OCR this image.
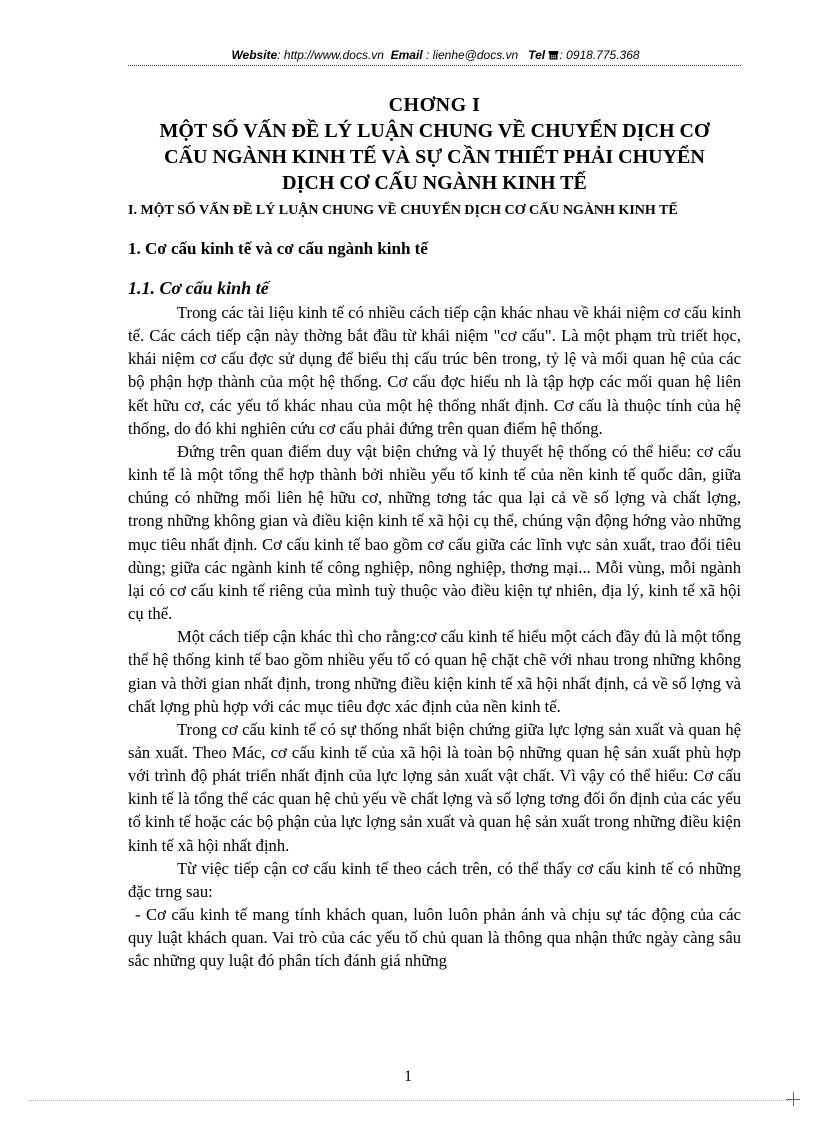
Website: http://www.docs.vn Email : lienhe@docs.vn Tel : 0918.775.368

CHƠNG I

MỘT SỐ VẤN ĐỀ LÝ LUẬN CHUNG VỀ CHUYỂN DỊCH CƠ

CẤU NGÀNH KINH TẾ VÀ SỰ CẦN THIẾT PHẢI CHUYỂN

DỊCH CƠ CẤU NGÀNH KINH TẾ

I. MỘT SỐ VẤN ĐỀ LÝ LUẬN CHUNG VỀ CHUYỂN DỊCH CƠ CẤU NGÀNH KINH TẾ

1. Cơ cấu kinh tế và cơ cấu ngành kinh tế

1.1. Cơ cấu kinh tế

Trong các tài liệu kinh tế có nhiều cách tiếp cận khác nhau về khái niệm cơ cấu kinh tế. Các cách tiếp cận này thờng bắt đầu từ khái niệm "cơ cấu". Là một phạm trù triết học, khái niệm cơ cấu đợc sử dụng để biểu thị cấu trúc bên trong, tỷ lệ và mối quan hệ của các bộ phận hợp thành của một hệ thống. Cơ cấu đợc hiểu nh là tập hợp các mối quan hệ liên kết hữu cơ, các yếu tố khác nhau của một hệ thống nhất định. Cơ cấu là thuộc tính của hệ thống, do đó khi nghiên cứu cơ cấu phải đứng trên quan điểm hệ thống.

Đứng trên quan điểm duy vật biện chứng và lý thuyết hệ thống có thể hiểu: cơ cấu kinh tế là một tổng thể hợp thành bởi nhiều yếu tố kinh tế của nền kinh tế quốc dân, giữa chúng có những mối liên hệ hữu cơ, những tơng tác qua lại cả về số lợng và chất lợng, trong những không gian và điều kiện kinh tế xã hội cụ thể, chúng vận động hớng vào những mục tiêu nhất định. Cơ cấu kinh tế bao gồm cơ cấu giữa các lĩnh vực sản xuất, trao đổi tiêu dùng; giữa các ngành kinh tế công nghiệp, nông nghiệp, thơng mại... Mỗi vùng, mỗi ngành lại có cơ cấu kinh tế riêng của mình tuỳ thuộc vào điều kiện tự nhiên, địa lý, kinh tế xã hội cụ thể.

Một cách tiếp cận khác thì cho rằng:cơ cấu kinh tế hiểu một cách đầy đủ là một tổng thể hệ thống kinh tế bao gồm nhiều yếu tố có quan hệ chặt chẽ với nhau trong những không gian và thời gian nhất định, trong những điều kiện kinh tế xã hội nhất định, cả về số lợng và chất lợng phù hợp với các mục tiêu đợc xác định của nền kinh tế.

Trong cơ cấu kinh tế có sự thống nhất biện chứng giữa lực lợng sản xuất và quan hệ sản xuất. Theo Mác, cơ cấu kinh tế của xã hội là toàn bộ những quan hệ sản xuất phù hợp với trình độ phát triển nhất định của lực lợng sản xuất vật chất. Vì vậy có thể hiểu: Cơ cấu kinh tế là tổng thể các quan hệ chủ yếu về chất lợng và số lợng tơng đối ổn định của các yếu tố kinh tế hoặc các bộ phận của lực lợng sản xuất và quan hệ sản xuất trong những điều kiện kinh tế xã hội nhất định.

Từ việc tiếp cận cơ cấu kinh tế theo cách trên, có thể thấy cơ cấu kinh tế có những đặc trng sau:

- Cơ cấu kinh tế mang tính khách quan, luôn luôn phản ánh và chịu sự tác động của các quy luật khách quan. Vai trò của các yếu tố chủ quan là thông qua nhận thức ngày càng sâu sắc những quy luật đó phân tích đánh giá những

1
